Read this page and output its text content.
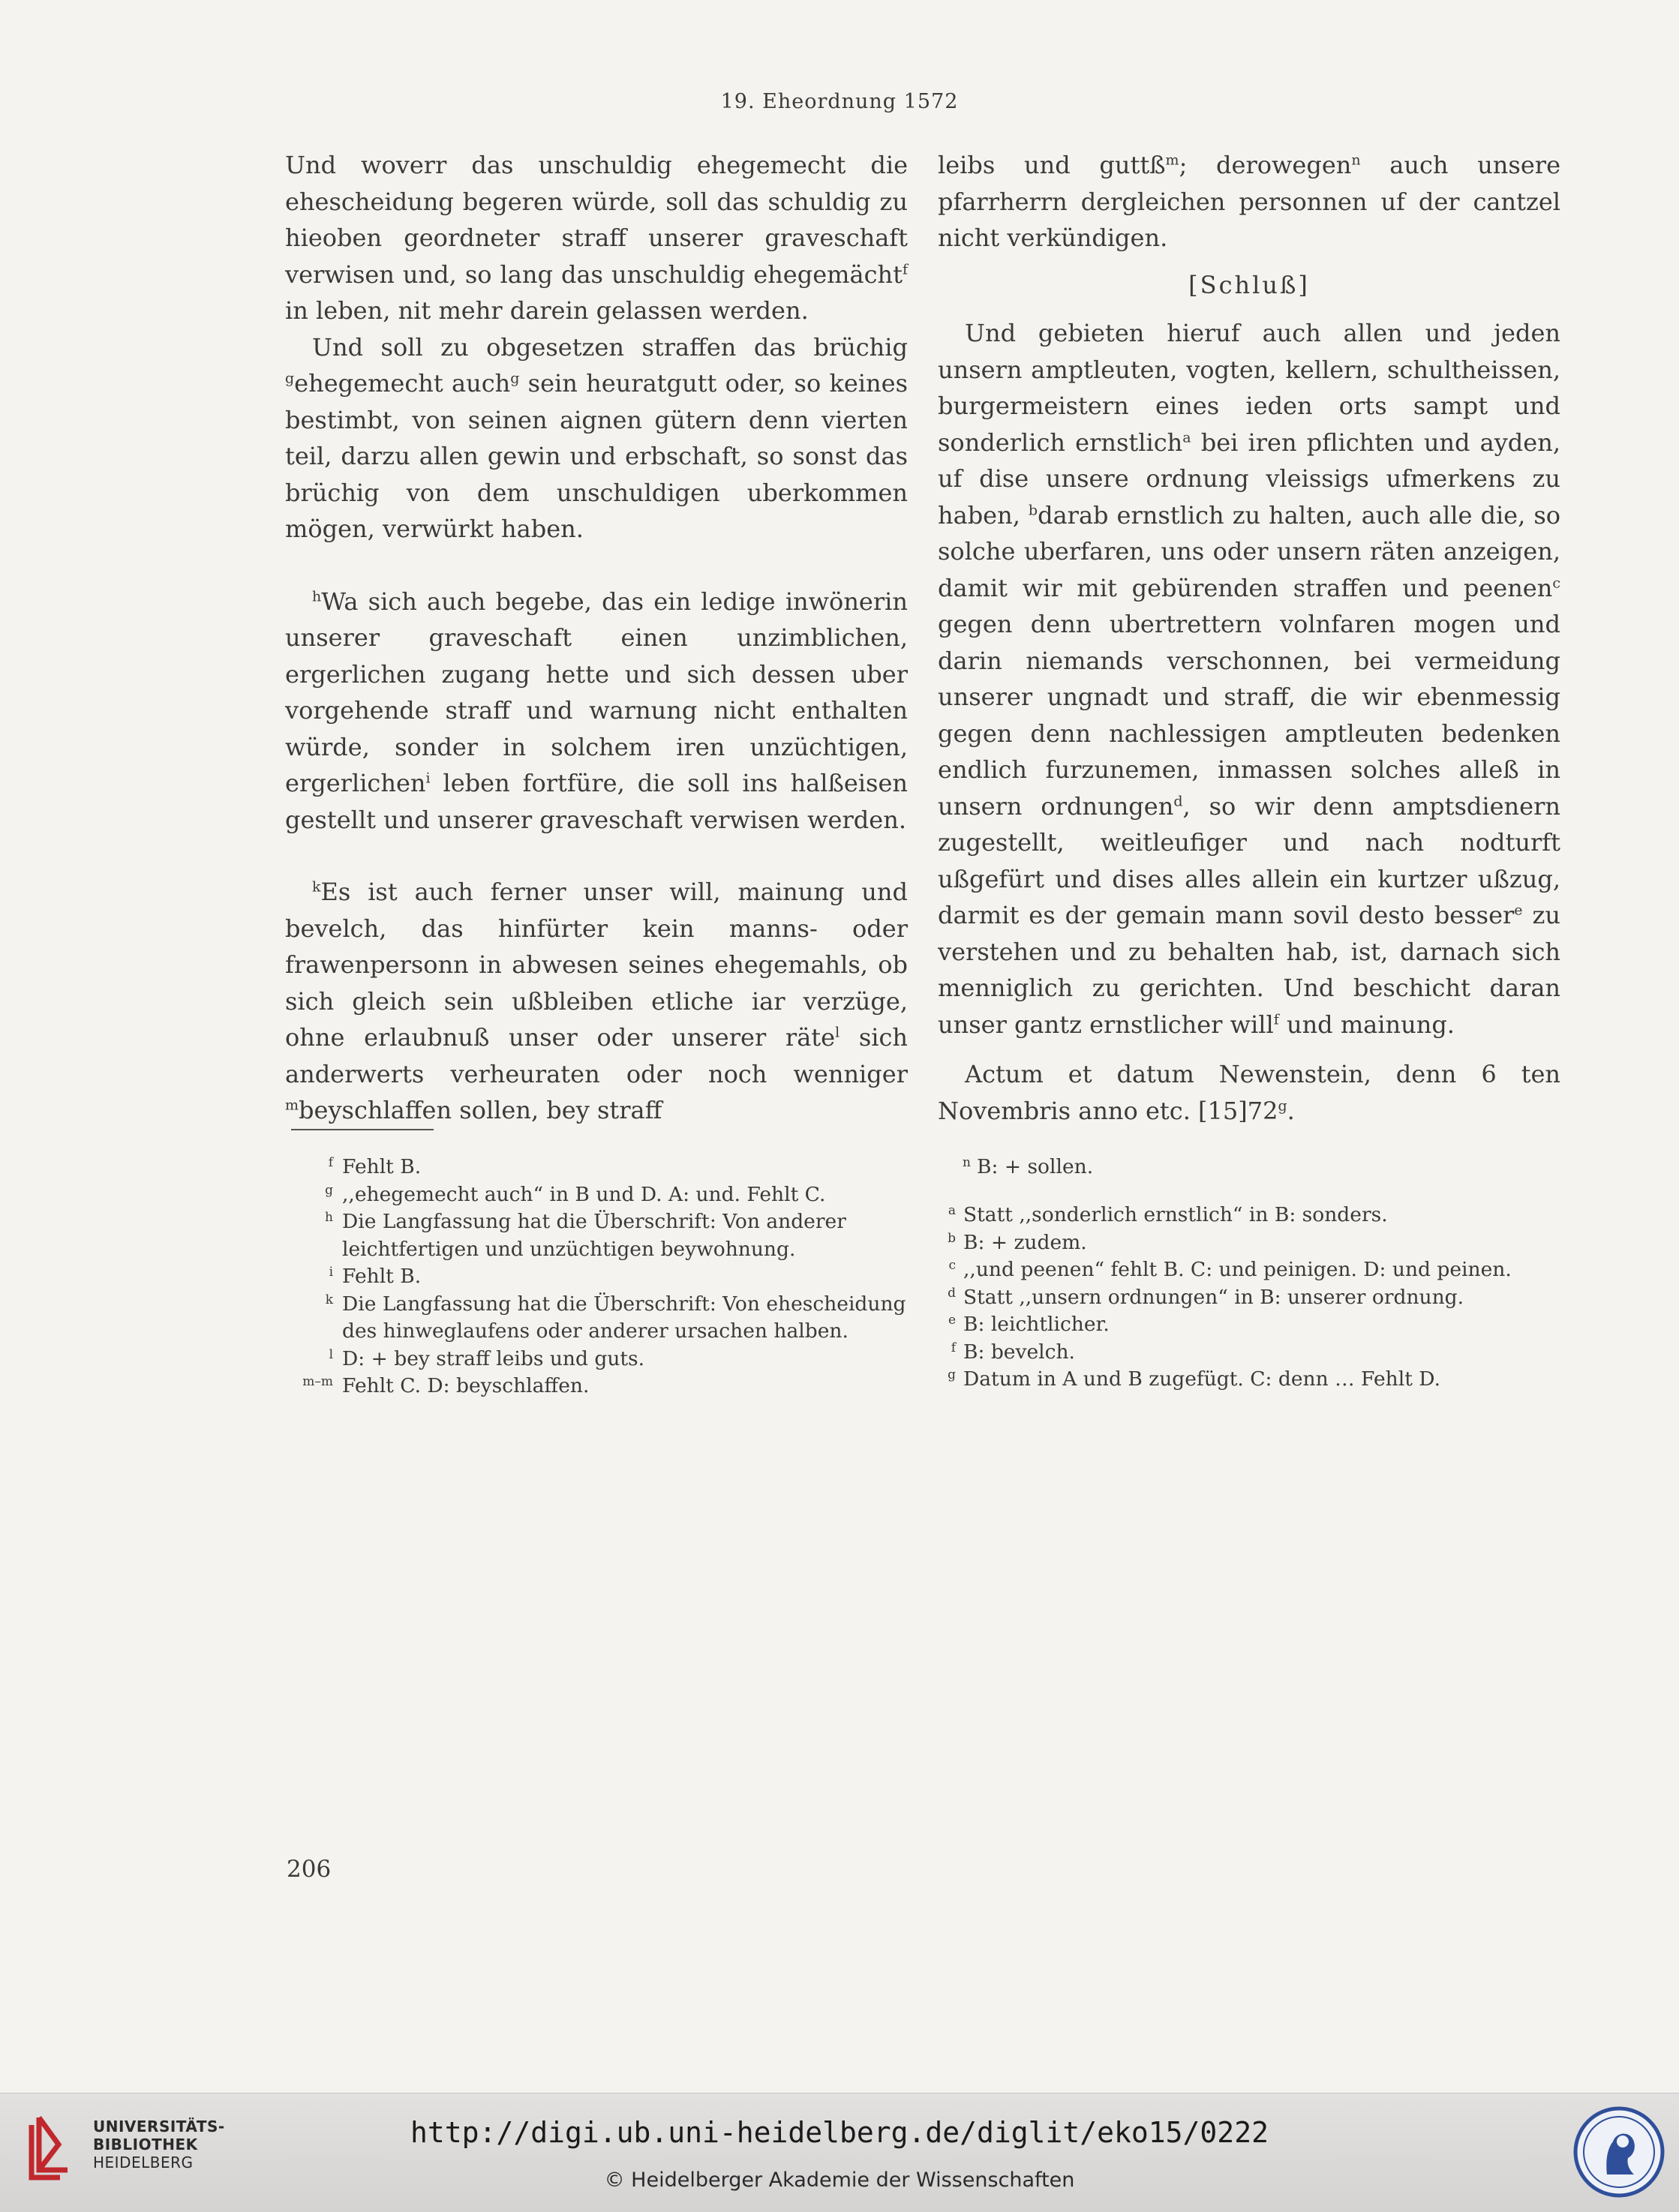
19. Eheordnung 1572

Und woverr das unschuldig ehegemecht die ehescheidung begeren würde, soll das schuldig zu hieoben geordneter straff unserer graveschaft verwisen und, so lang das unschuldig ehegemächt$^f$ in leben, nit mehr darein gelassen werden.

Und soll zu obgesetzen straffen das brüchig $^g$ehegemecht auch$^g$ sein heuratgutt oder, so keines bestimbt, von seinen aignen gütern denn vierten teil, darzu allen gewin und erbschaft, so sonst das brüchig von dem unschuldigen uberkommen mögen, verwürkt haben.

$^h$Wa sich auch begebe, das ein ledige inwönerin unserer graveschaft einen unzimblichen, ergerlichen zugang hette und sich dessen uber vorgehende straff und warnung nicht enthalten würde, sonder in solchem iren unzüchtigen, ergerlichen$^i$ leben fortfüre, die soll ins halßeisen gestellt und unserer graveschaft verwisen werden.

$^k$Es ist auch ferner unser will, mainung und bevelch, das hinfürter kein manns- oder frawenpersonn in abwesen seines ehegemahls, ob sich gleich sein ußbleiben etliche iar verzüge, ohne erlaubnuß unser oder unserer räte$^l$ sich anderwerts verheuraten oder noch wenniger $^m$beyschlaffen sollen, bey straff

leibs und guttß$^m$; derowegen$^n$ auch unsere pfarrherrn dergleichen personnen uf der cantzel nicht verkündigen.

[Schluß]

Und gebieten hieruf auch allen und jeden unsern amptleuten, vogten, kellern, schultheissen, burgermeistern eines ieden orts sampt und sonderlich ernstlich$^a$ bei iren pflichten und ayden, uf dise unsere ordnung vleissigs ufmerkens zu haben, $^b$darab ernstlich zu halten, auch alle die, so solche uberfaren, uns oder unsern räten anzeigen, damit wir mit gebürenden straffen und peenen$^c$ gegen denn ubertrettern volnfaren mogen und darin niemands verschonnen, bei vermeidung unserer ungnadt und straff, die wir ebenmessig gegen denn nachlessigen amptleuten bedenken endlich furzunemen, inmassen solches alleß in unsern ordnungen$^d$, so wir denn amptsdienern zugestellt, weitleufiger und nach nodturft ußgefürt und dises alles allein ein kurtzer ußzug, darmit es der gemain mann sovil desto besser$^e$ zu verstehen und zu behalten hab, ist, darnach sich menniglich zu gerichten. Und beschicht daran unser gantz ernstlicher will$^f$ und mainung.

Actum et datum Newenstein, denn 6 ten Novembris anno etc. [15]72$^g$.

f Fehlt B.
g ,,ehegemecht auch“ in B und D. A: und. Fehlt C.
h Die Langfassung hat die Überschrift: Von anderer leichtfertigen und unzüchtigen beywohnung.
i Fehlt B.
k Die Langfassung hat die Überschrift: Von ehescheidung des hinweglaufens oder anderer ursachen halben.
l D: + bey straff leibs und guts.
m–m Fehlt C. D: beyschlaffen.
n B: + sollen.
a Statt ,,sonderlich ernstlich“ in B: sonders.
b B: + zudem.
c ,,und peenen“ fehlt B. C: und peinigen. D: und peinen.
d Statt ,,unsern ordnungen“ in B: unserer ordnung.
e B: leichtlicher.
f B: bevelch.
g Datum in A und B zugefügt. C: denn … Fehlt D.
206
UNIVERSITÄTS-
BIBLIOTHEK
HEIDELBERG
http://digi.ub.uni-heidelberg.de/diglit/eko15/0222
© Heidelberger Akademie der Wissenschaften
